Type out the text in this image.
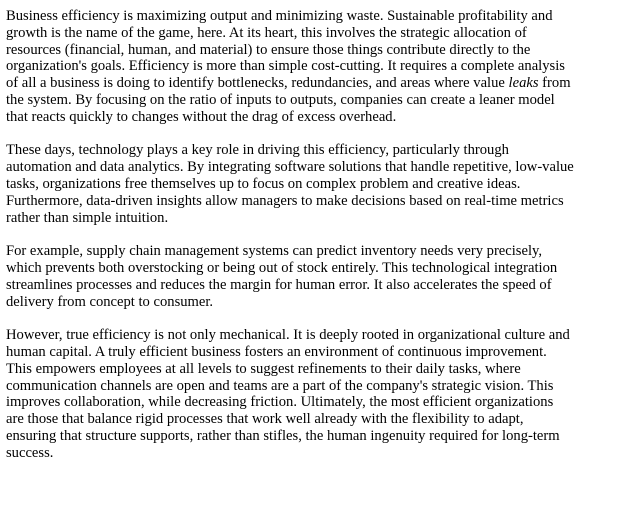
Business efficiency is maximizing output and minimizing waste. Sustainable profitability and
growth is the name of the game, here. At its heart, this involves the strategic allocation of
resources (financial, human, and material) to ensure those things contribute directly to the
organization's goals. Efficiency is more than simple cost-cutting. It requires a complete analysis
of all a business is doing to identify bottlenecks, redundancies, and areas where value leaks from
the system. By focusing on the ratio of inputs to outputs, companies can create a leaner model
that reacts quickly to changes without the drag of excess overhead.

These days, technology plays a key role in driving this efficiency, particularly through
automation and data analytics. By integrating software solutions that handle repetitive, low-value
tasks, organizations free themselves up to focus on complex problem and creative ideas.
Furthermore, data-driven insights allow managers to make decisions based on real-time metrics
rather than simple intuition.

For example, supply chain management systems can predict inventory needs very precisely,
which prevents both overstocking or being out of stock entirely. This technological integration
streamlines processes and reduces the margin for human error. It also accelerates the speed of
delivery from concept to consumer.

However, true efficiency is not only mechanical. It is deeply rooted in organizational culture and
human capital. A truly efficient business fosters an environment of continuous improvement.
This empowers employees at all levels to suggest refinements to their daily tasks, where
communication channels are open and teams are a part of the company's strategic vision. This
improves collaboration, while decreasing friction. Ultimately, the most efficient organizations
are those that balance rigid processes that work well already with the flexibility to adapt,
ensuring that structure supports, rather than stifles, the human ingenuity required for long-term
success.
